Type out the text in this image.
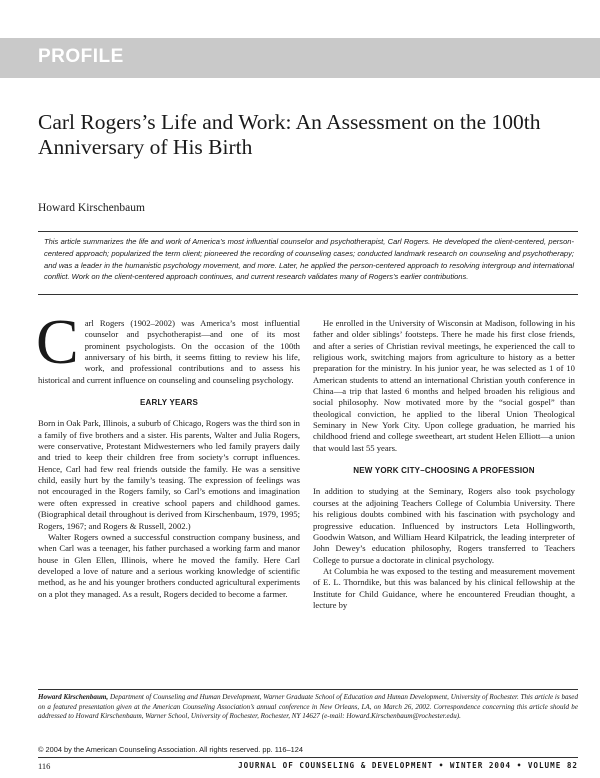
PROFILE
Carl Rogers’s Life and Work: An Assessment on the 100th Anniversary of His Birth
Howard Kirschenbaum
This article summarizes the life and work of America’s most influential counselor and psychotherapist, Carl Rogers. He developed the client-centered, person-centered approach; popularized the term client; pioneered the recording of counseling cases; conducted landmark research on counseling and psychotherapy; and was a leader in the humanistic psychology movement, and more. Later, he applied the person-centered approach to resolving intergroup and international conflict. Work on the client-centered approach continues, and current research validates many of Rogers’s earlier contributions.

Carl Rogers (1902–2002) was America’s most influential counselor and psychotherapist—and one of its most prominent psychologists. On the occasion of the 100th anniversary of his birth, it seems fitting to review his life, work, and professional contributions and to assess his historical and current influence on counseling and counseling psychology.

EARLY YEARS

Born in Oak Park, Illinois, a suburb of Chicago, Rogers was the third son in a family of five brothers and a sister. His parents, Walter and Julia Rogers, were conservative, Protestant Midwesterners who led family prayers daily and tried to keep their children free from society’s corrupt influences. Hence, Carl had few real friends outside the family. He was a sensitive child, easily hurt by the family’s teasing. The expression of feelings was not encouraged in the Rogers family, so Carl’s emotions and imagination were often expressed in creative school papers and childhood games. (Biographical detail throughout is derived from Kirschenbaum, 1979, 1995; Rogers, 1967; and Rogers & Russell, 2002.)

Walter Rogers owned a successful construction company business, and when Carl was a teenager, his father purchased a working farm and manor house in Glen Ellen, Illinois, where he moved the family. Here Carl developed a love of nature and a serious working knowledge of scientific method, as he and his younger brothers conducted agricultural experiments on a plot they managed. As a result, Rogers decided to become a farmer.

He enrolled in the University of Wisconsin at Madison, following in his father and older siblings’ footsteps. There he made his first close friends, and after a series of Christian revival meetings, he experienced the call to religious work, switching majors from agriculture to history as a better preparation for the ministry. In his junior year, he was selected as 1 of 10 American students to attend an international Christian youth conference in China—a trip that lasted 6 months and helped broaden his religious and social philosophy. Now motivated more by the “social gospel” than theological conviction, he applied to the liberal Union Theological Seminary in New York City. Upon college graduation, he married his childhood friend and college sweetheart, art student Helen Elliott—a union that would last 55 years.

NEW YORK CITY–CHOOSING A PROFESSION

In addition to studying at the Seminary, Rogers also took psychology courses at the adjoining Teachers College of Columbia University. There his religious doubts combined with his fascination with psychology and progressive education. Influenced by instructors Leta Hollingworth, Goodwin Watson, and William Heard Kilpatrick, the leading interpreter of John Dewey’s education philosophy, Rogers transferred to Teachers College to pursue a doctorate in clinical psychology.

At Columbia he was exposed to the testing and measurement movement of E. L. Thorndike, but this was balanced by his clinical fellowship at the Institute for Child Guidance, where he encountered Freudian thought, a lecture by

Howard Kirschenbaum, Department of Counseling and Human Development, Warner Graduate School of Education and Human Development, University of Rochester. This article is based on a featured presentation given at the American Counseling Association’s annual conference in New Orleans, LA, on March 26, 2002. Correspondence concerning this article should be addressed to Howard Kirschenbaum, Warner School, University of Rochester, Rochester, NY 14627 (e-mail: Howard.Kirschenbaum@rochester.edu).
© 2004 by the American Counseling Association. All rights reserved. pp. 116–124
116	JOURNAL OF COUNSELING & DEVELOPMENT • WINTER 2004 • VOLUME 82
